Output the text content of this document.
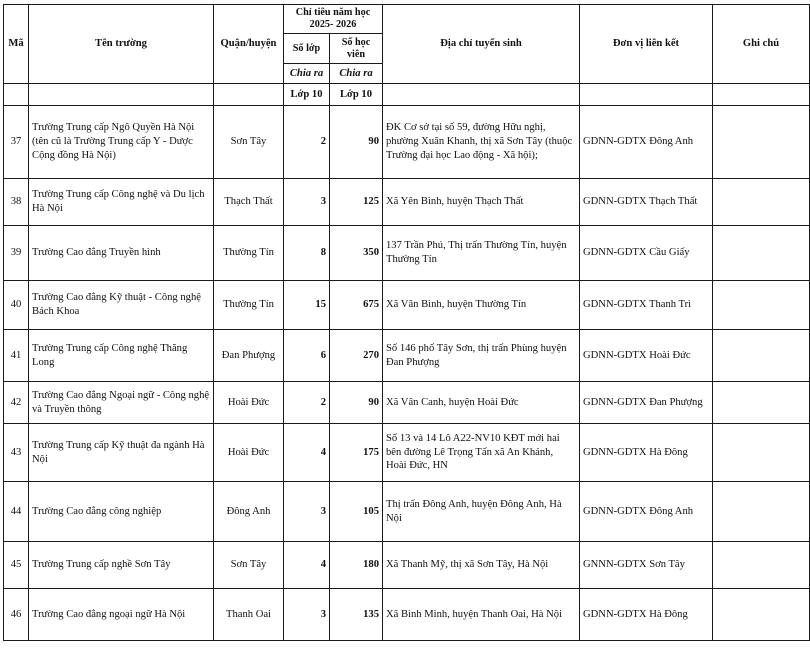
Mã	Tên trường	Quận/huyện	Chỉ tiêu năm học 2025- 2026		Địa chỉ tuyển sinh	Đơn vị liên kết	Ghi chú
			Số lớp	Số học viên			
			Chia ra	Chia ra			
			Lớp 10	Lớp 10			
37	Trường Trung cấp Ngô Quyền Hà Nội (tên cũ là Trường Trung cấp Y - Dược Cộng đồng Hà Nội)	Sơn Tây	2	90	ĐK Cơ sở tại số 59, đường Hữu nghị, phường Xuân Khanh, thị xã Sơn Tây (thuộc Trường đại học Lao động - Xã hội);	GDNN-GDTX Đông Anh	
38	Trường Trung cấp Công nghệ và Du lịch Hà Nội	Thạch Thất	3	125	Xã Yên Bình, huyện Thạch Thất	GDNN-GDTX Thạch Thất	
39	Trường Cao đẳng Truyền hình	Thường Tín	8	350	137 Trần Phú, Thị trấn Thường Tín, huyện Thường Tín	GDNN-GDTX Cầu Giấy	
40	Trường Cao đẳng Kỹ thuật - Công nghệ Bách Khoa	Thường Tín	15	675	Xã Văn Bình, huyện Thường Tín	GDNN-GDTX Thanh Trì	
41	Trường Trung cấp Công nghệ Thăng Long	Đan Phượng	6	270	Số 146 phố Tây Sơn, thị trấn Phùng huyện Đan Phượng	GDNN-GDTX Hoài Đức	
42	Trường Cao đẳng Ngoại ngữ - Công nghệ và Truyền thông	Hoài Đức	2	90	Xã Vân Canh, huyện Hoài Đức	GDNN-GDTX Đan Phượng	
43	Trường Trung cấp Kỹ thuật đa ngành Hà Nội	Hoài Đức	4	175	Số 13 và 14 Lô A22-NV10 KĐT mới hai bên đường Lê Trọng Tấn xã An Khánh, Hoài Đức, HN	GDNN-GDTX Hà Đông	
44	Trường Cao đẳng công nghiệp	Đông Anh	3	105	Thị trấn Đông Anh, huyện Đông Anh, Hà Nội	GDNN-GDTX Đông Anh	
45	Trường Trung cấp nghề Sơn Tây	Sơn Tây	4	180	Xã Thanh Mỹ, thị xã Sơn Tây, Hà Nội	GNNN-GDTX Sơn Tây	
46	Trường Cao đẳng ngoại ngữ Hà Nội	Thanh Oai	3	135	Xã Bình Minh, huyện Thanh Oai, Hà Nội	GDNN-GDTX Hà Đông	
